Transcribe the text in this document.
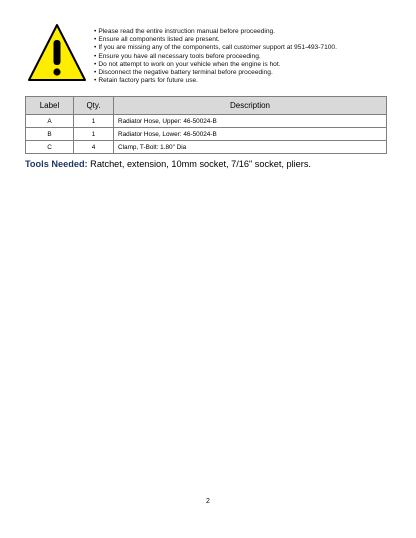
• Please read the entire instruction manual before proceeding.
• Ensure all components listed are present.
• If you are missing any of the components, call customer support at 951-493-7100.
• Ensure you have all necessary tools before proceeding.
• Do not attempt to work on your vehicle when the engine is hot.
• Disconnect the negative battery terminal before proceeding.
• Retain factory parts for future use.
Label	Qty.	Description
A	1	Radiator Hose, Upper: 46-50024-B
B	1	Radiator Hose, Lower: 46-50024-B
C	4	Clamp, T-Bolt: 1.80" Dia
Tools Needed: Ratchet, extension, 10mm socket, 7/16" socket, pliers.
2
